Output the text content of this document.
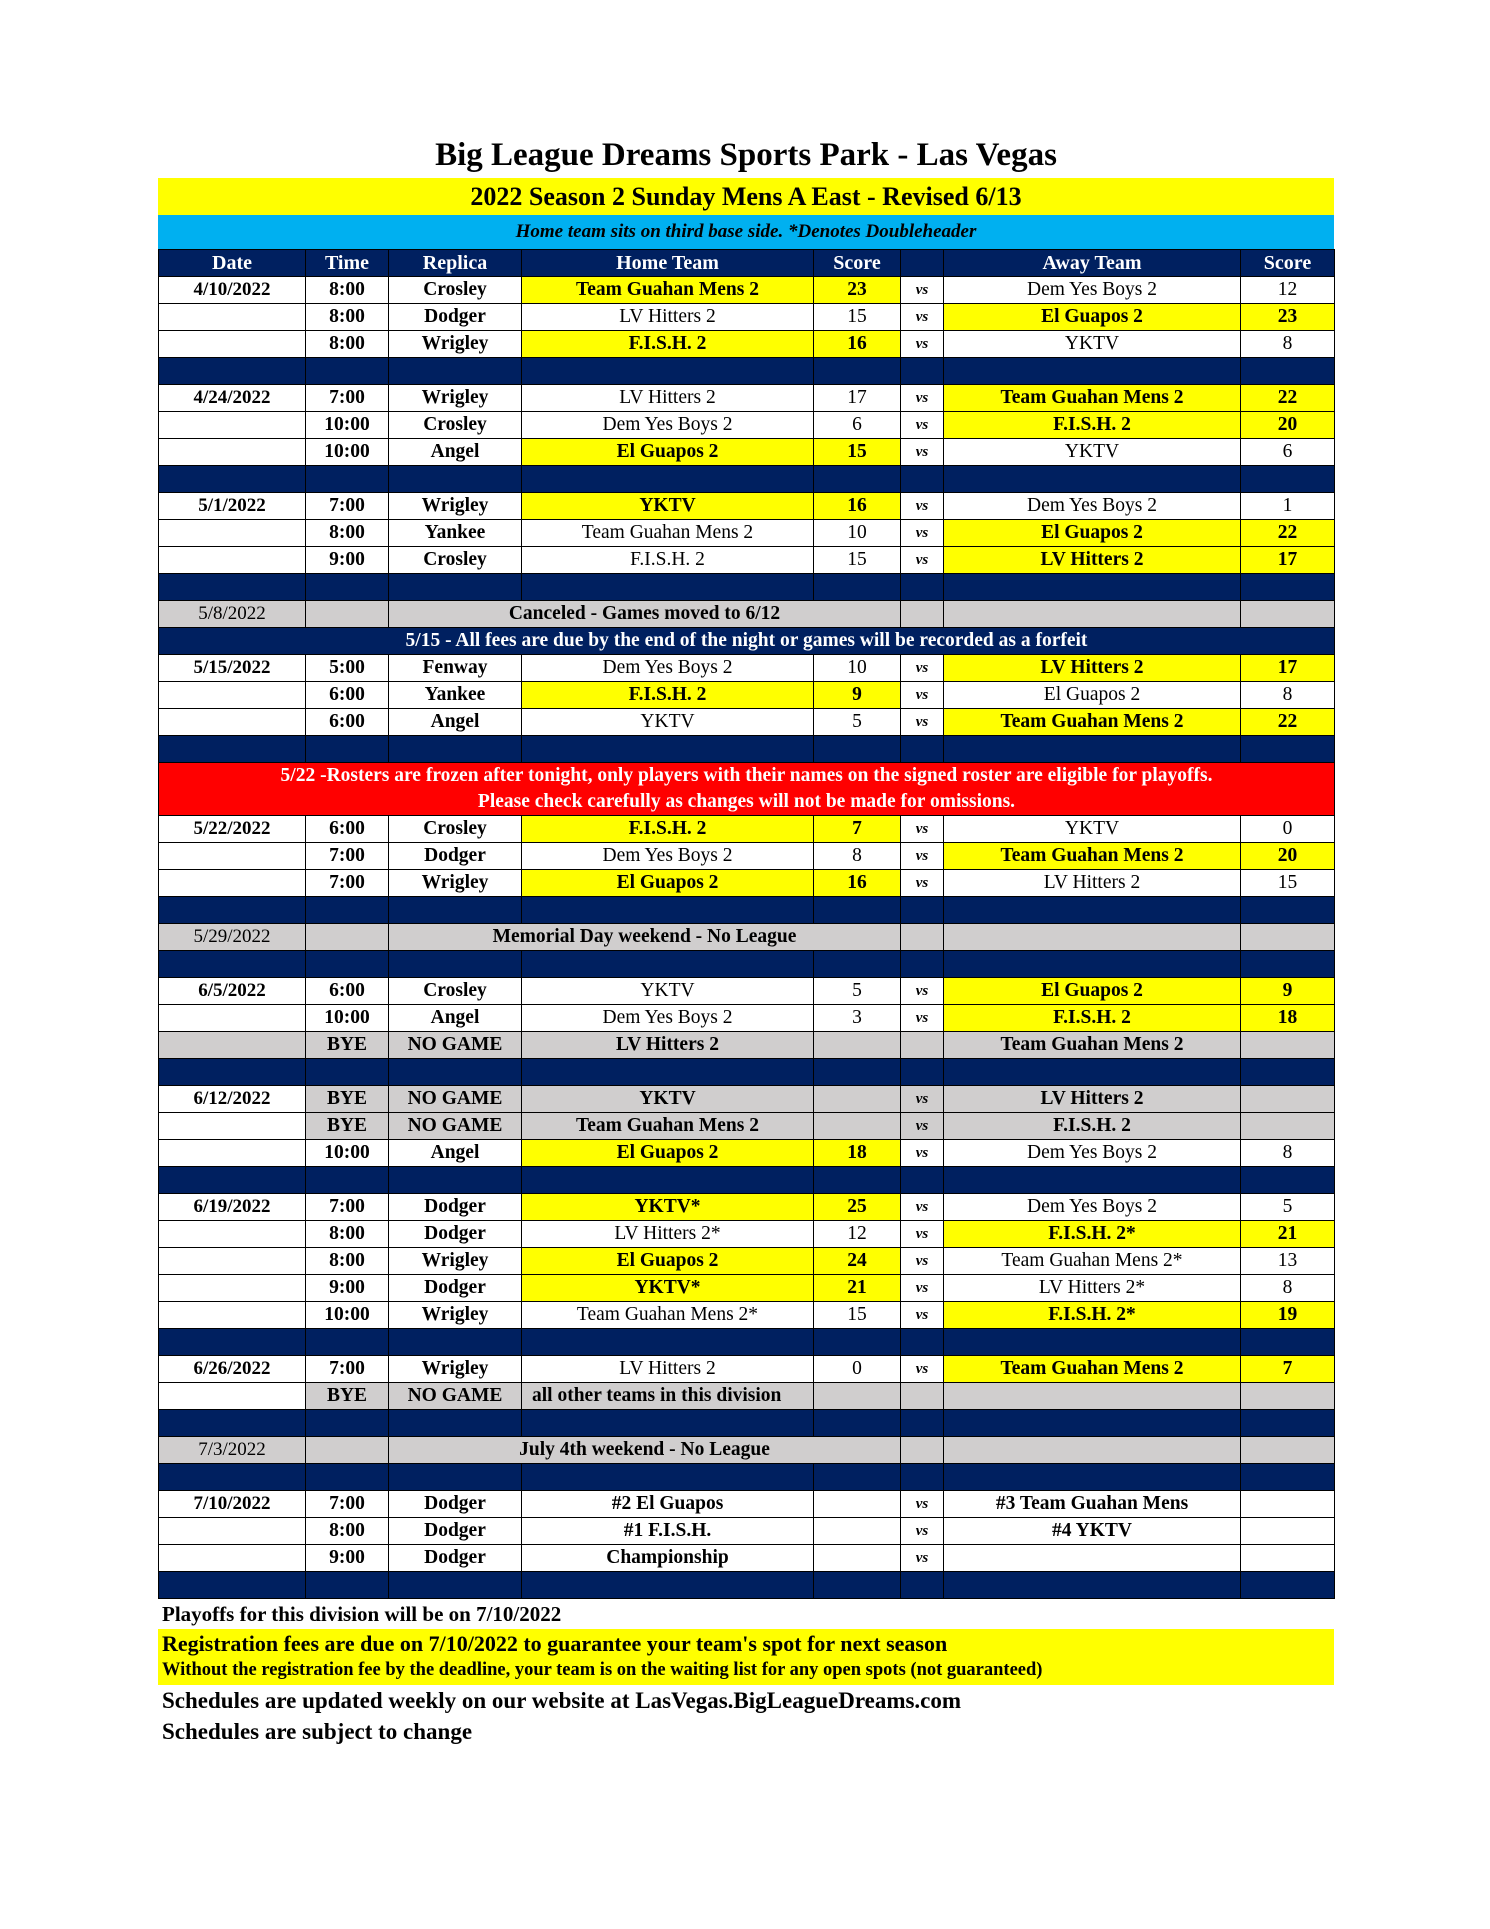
Big League Dreams Sports Park - Las Vegas
2022 Season 2 Sunday Mens A East - Revised 6/13
Home team sits on third base side. *Denotes Doubleheader
Date	Time	Replica	Home Team	Score		Away Team	Score
4/10/2022	8:00	Crosley	Team Guahan Mens 2	23	vs	Dem Yes Boys 2	12
	8:00	Dodger	LV Hitters 2	15	vs	El Guapos 2	23
	8:00	Wrigley	F.I.S.H. 2	16	vs	YKTV	8

4/24/2022	7:00	Wrigley	LV Hitters 2	17	vs	Team Guahan Mens 2	22
	10:00	Crosley	Dem Yes Boys 2	6	vs	F.I.S.H. 2	20
	10:00	Angel	El Guapos 2	15	vs	YKTV	6

5/1/2022	7:00	Wrigley	YKTV	16	vs	Dem Yes Boys 2	1
	8:00	Yankee	Team Guahan Mens 2	10	vs	El Guapos 2	22
	9:00	Crosley	F.I.S.H. 2	15	vs	LV Hitters 2	17

5/8/2022		Canceled - Games moved to 6/12					
5/15 - All fees are due by the end of the night or games will be recorded as a forfeit							
5/15/2022	5:00	Fenway	Dem Yes Boys 2	10	vs	LV Hitters 2	17
	6:00	Yankee	F.I.S.H. 2	9	vs	El Guapos 2	8
	6:00	Angel	YKTV	5	vs	Team Guahan Mens 2	22

5/22 -Rosters are frozen after tonight, only players with their names on the signed roster are eligible for playoffs.
Please check carefully as changes will not be made for omissions.							

5/22/2022	6:00	Crosley	F.I.S.H. 2	7	vs	YKTV	0
	7:00	Dodger	Dem Yes Boys 2	8	vs	Team Guahan Mens 2	20
	7:00	Wrigley	El Guapos 2	16	vs	LV Hitters 2	15

5/29/2022		Memorial Day weekend - No League					

6/5/2022	6:00	Crosley	YKTV	5	vs	El Guapos 2	9
	10:00	Angel	Dem Yes Boys 2	3	vs	F.I.S.H. 2	18
	BYE	NO GAME	LV Hitters 2			Team Guahan Mens 2	

6/12/2022	BYE	NO GAME	YKTV		vs	LV Hitters 2	
	BYE	NO GAME	Team Guahan Mens 2		vs	F.I.S.H. 2	
	10:00	Angel	El Guapos 2	18	vs	Dem Yes Boys 2	8

6/19/2022	7:00	Dodger	YKTV*	25	vs	Dem Yes Boys 2	5
	8:00	Dodger	LV Hitters 2*	12	vs	F.I.S.H. 2*	21
	8:00	Wrigley	El Guapos 2	24	vs	Team Guahan Mens 2*	13
	9:00	Dodger	YKTV*	21	vs	LV Hitters 2*	8
	10:00	Wrigley	Team Guahan Mens 2*	15	vs	F.I.S.H. 2*	19

6/26/2022	7:00	Wrigley	LV Hitters 2	0	vs	Team Guahan Mens 2	7
	BYE	NO GAME	all other teams in this division				

7/3/2022		July 4th weekend - No League					

7/10/2022	7:00	Dodger	#2 El Guapos		vs	#3 Team Guahan Mens	
	8:00	Dodger	#1 F.I.S.H.		vs	#4 YKTV	
	9:00	Dodger	Championship		vs		

Playoffs for this division will be on 7/10/2022
Registration fees are due on 7/10/2022 to guarantee your team's spot for next season
Without the registration fee by the deadline, your team is on the waiting list for any open spots (not guaranteed)
Schedules are updated weekly on our website at LasVegas.BigLeagueDreams.com
Schedules are subject to change
